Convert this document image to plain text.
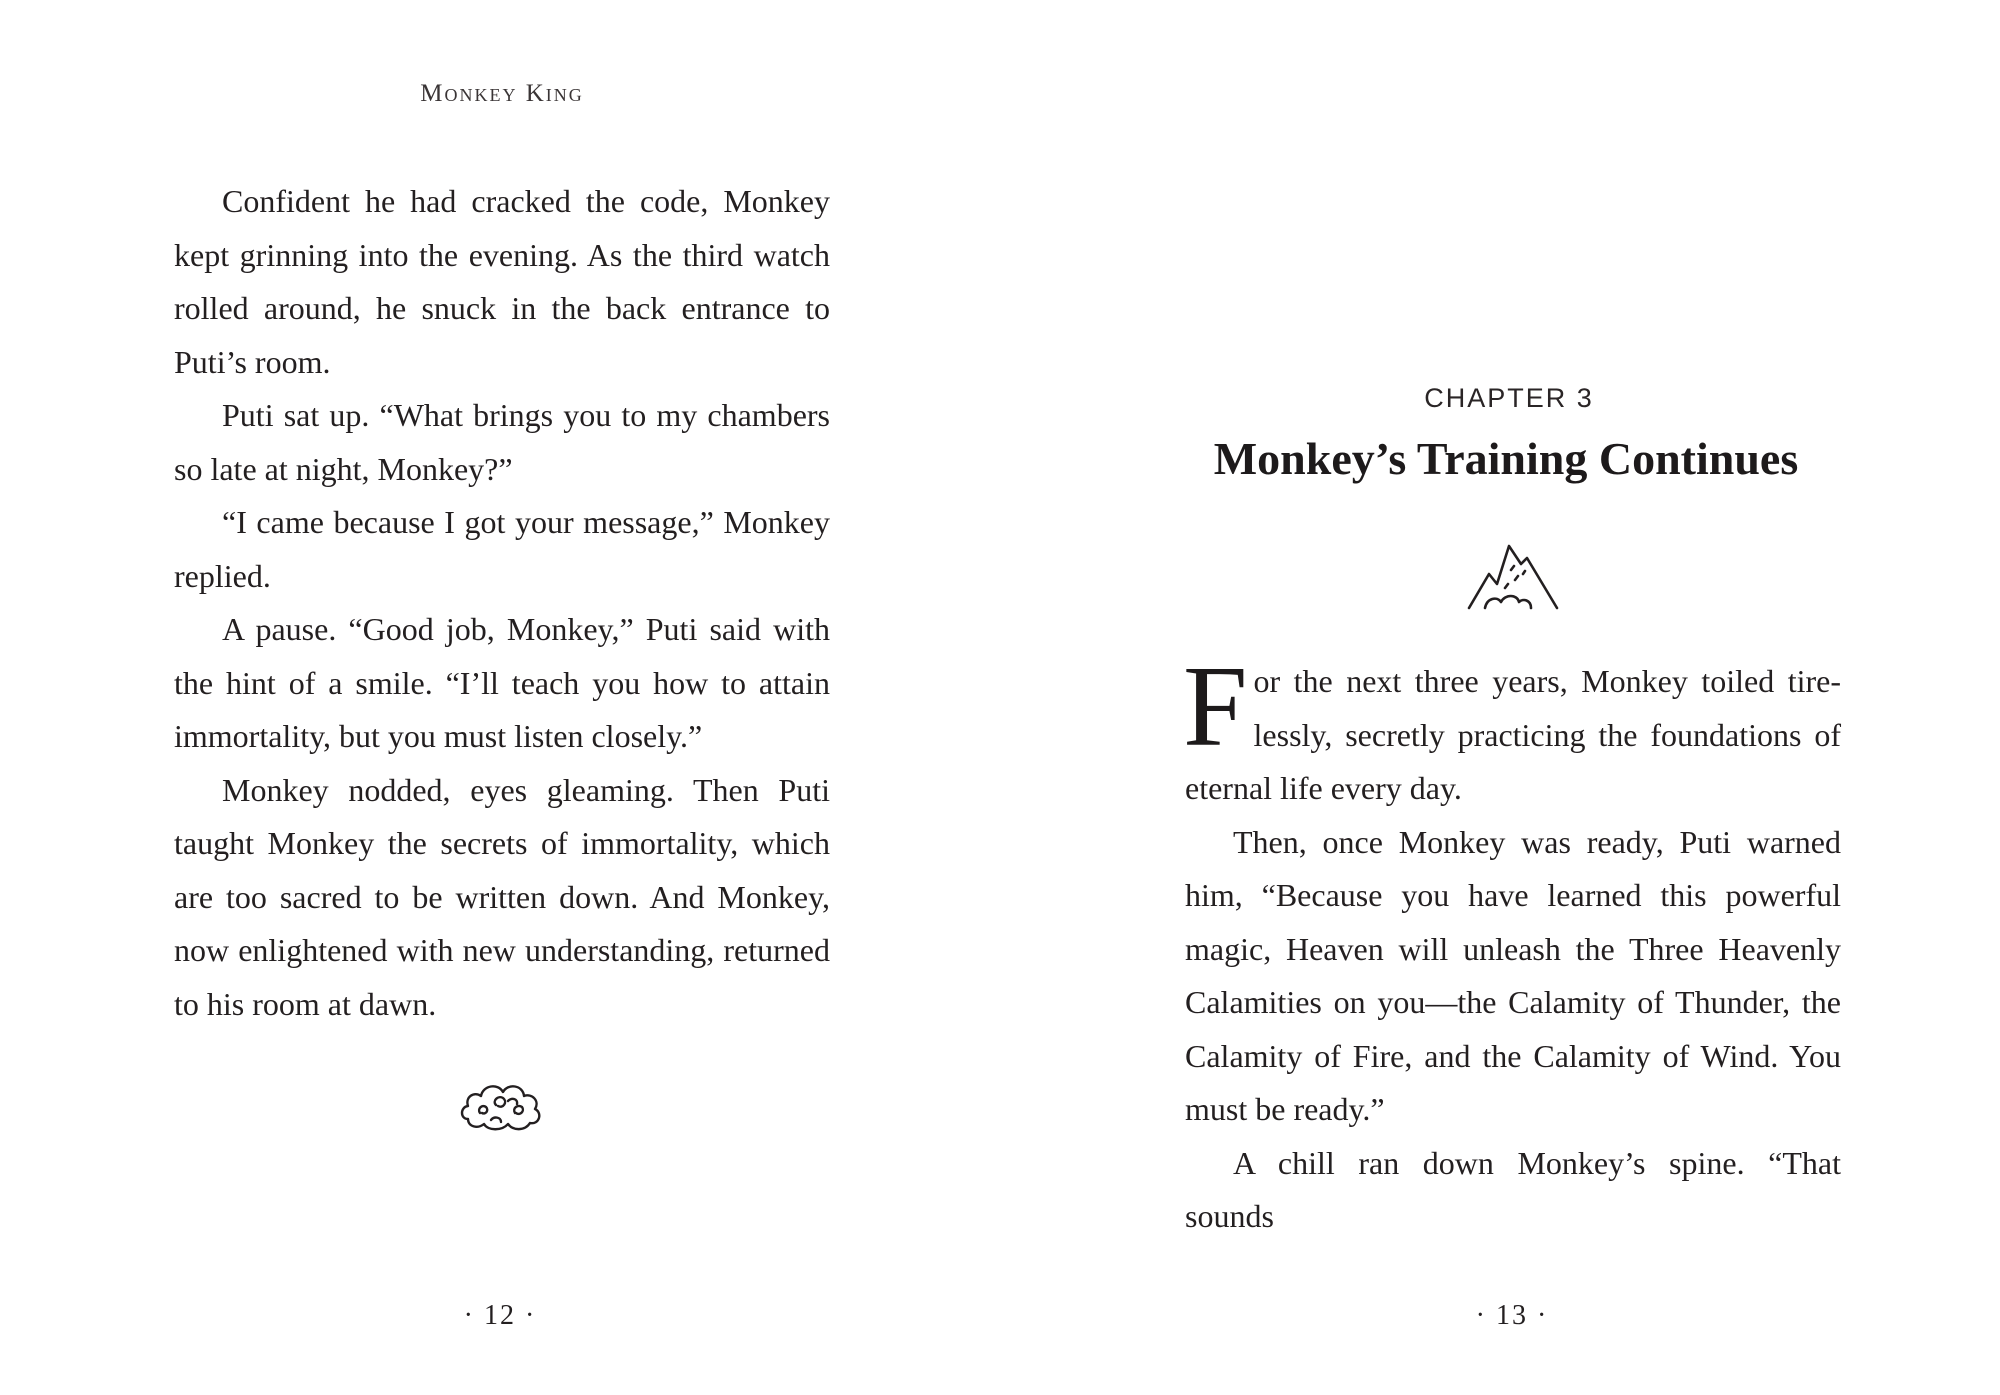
Monkey King

Confident he had cracked the code, Monkey kept grinning into the evening. As the third watch rolled around, he snuck in the back entrance to Puti’s room.

Puti sat up. “What brings you to my chambers so late at night, Monkey?”

“I came because I got your message,” Monkey replied.

A pause. “Good job, Monkey,” Puti said with the hint of a smile. “I’ll teach you how to attain immortality, but you must listen closely.”

Monkey nodded, eyes gleaming. Then Puti taught Monkey the secrets of immortality, which are too sacred to be written down. And Monkey, now enlightened with new understanding, returned to his room at dawn.

· 12 ·
CHAPTER 3
Monkey’s Training Continues

For the next three years, Monkey toiled tirelessly, secretly practicing the foundations of eternal life every day.

Then, once Monkey was ready, Puti warned him, “Because you have learned this powerful magic, Heaven will unleash the Three Heavenly Calamities on you—the Calamity of Thunder, the Calamity of Fire, and the Calamity of Wind. You must be ready.”

A chill ran down Monkey’s spine. “That sounds

· 13 ·
